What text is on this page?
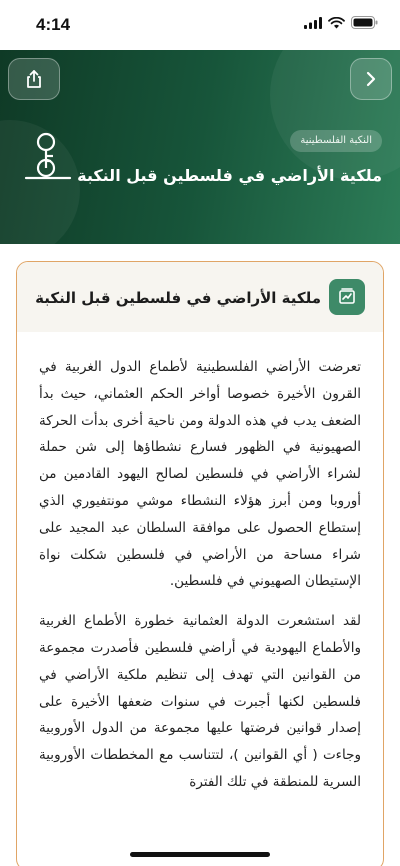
4:14
النكبة الفلسطينية
ملكية الأراضي في فلسطين قبل النكبة
ملكية الأراضي في فلسطين قبل النكبة

تعرضت الأراضي الفلسطينية لأطماع الدول الغربية في القرون الأخيرة خصوصا أواخر الحكم العثماني، حيث بدأ الضعف يدب في هذه الدولة ومن ناحية أخرى بدأت الحركة الصهيونية في الظهور فسارع نشطاؤها إلى شن حملة لشراء الأراضي في فلسطين لصالح اليهود القادمين من أوروبا ومن أبرز هؤلاء النشطاء موشي مونتفيوري الذي إستطاع الحصول على موافقة السلطان عبد المجيد على شراء مساحة من الأراضي في فلسطين شكلت نواة الإستيطان الصهيوني في فلسطين.

لقد استشعرت الدولة العثمانية خطورة الأطماع الغربية والأطماع اليهودية في أراضي فلسطين فأصدرت مجموعة من القوانين التي تهدف إلى تنظيم ملكية الأراضي في فلسطين لكنها أجبرت في سنوات ضعفها الأخيرة على إصدار قوانين فرضتها عليها مجموعة من الدول الأوروبية وجاءت ( أي القوانين )، لتتناسب مع المخططات الأوروبية السرية للمنطقة في تلك الفترة
